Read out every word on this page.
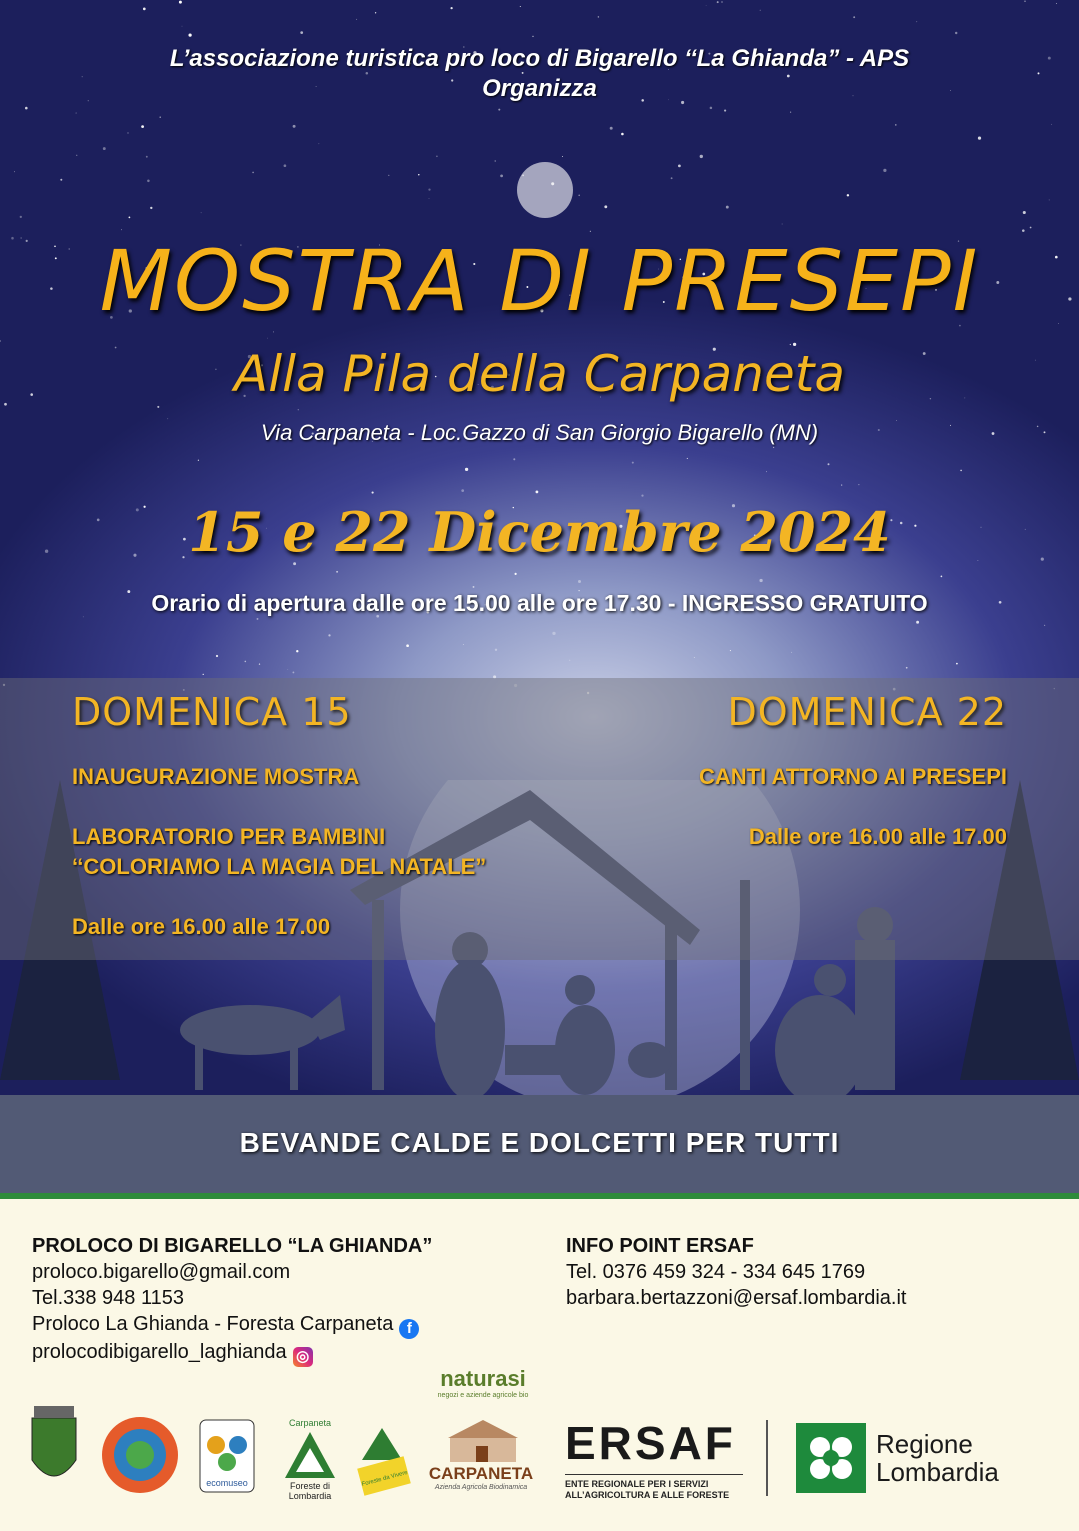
L’associazione turistica pro loco di Bigarello ‘‘La Ghianda” - APS
Organizza
MOSTRA DI PRESEPI
Alla Pila della Carpaneta
Via Carpaneta - Loc.Gazzo di San Giorgio Bigarello (MN)
15 e 22 Dicembre 2024
Orario di apertura dalle ore 15.00 alle ore 17.30 - INGRESSO GRATUITO
DOMENICA 15
INAUGURAZIONE MOSTRA
LABORATORIO PER BAMBINI
‘‘COLORIAMO LA MAGIA DEL NATALE”
Dalle ore 16.00 alle 17.00
DOMENICA 22
CANTI ATTORNO AI PRESEPI
Dalle ore 16.00 alle 17.00
BEVANDE CALDE E DOLCETTI PER TUTTI
PROLOCO DI BIGARELLO “LA GHIANDA”
proloco.bigarello@gmail.com
Tel.338 948 1153
Proloco La Ghianda - Foresta Carpaneta f
prolocodibigarello_laghianda ◎
INFO POINT ERSAF
Tel. 0376 459 324 - 334 645 1769
barbara.bertazzoni@ersaf.lombardia.it
ecomuseo
Carpaneta
Foreste di
Lombardia
Foreste da Vivere
naturasi
negozi e aziende agricole bio
CARPANETA
Azienda Agricola Biodinamica
ERSAF
ENTE REGIONALE PER I SERVIZI
ALL’AGRICOLTURA E ALLE FORESTE
Regione
Lombardia
